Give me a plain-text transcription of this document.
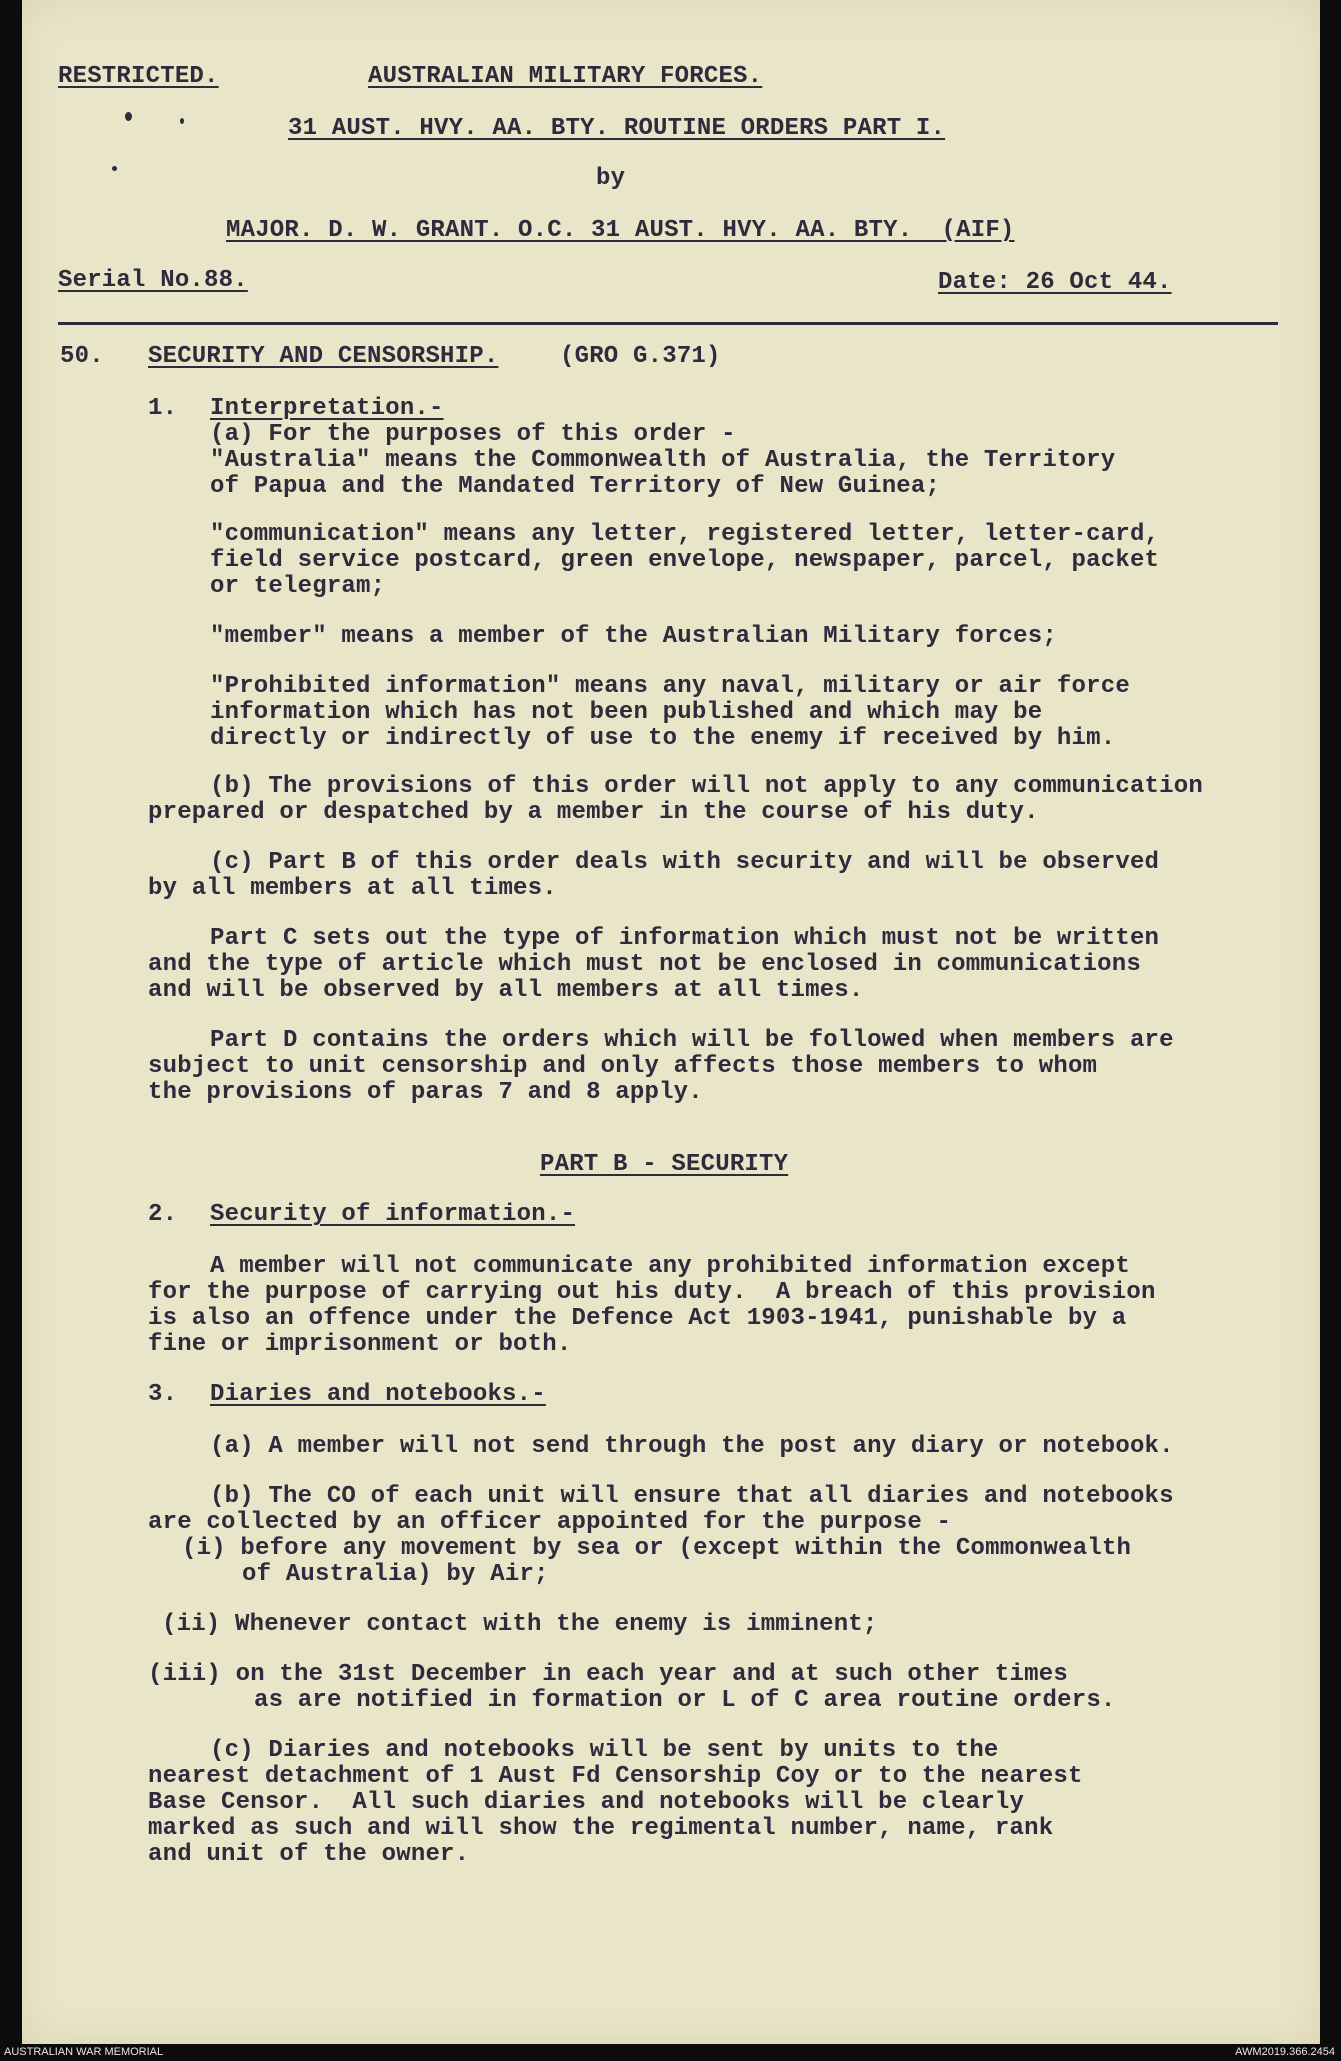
RESTRICTED.	AUSTRALIAN MILITARY FORCES.
31 AUST. HVY. AA. BTY. ROUTINE ORDERS PART I.
by
MAJOR. D. W. GRANT. O.C. 31 AUST. HVY. AA. BTY.  (AIF)
Serial No.88.	Date: 26 Oct 44.
50. SECURITY AND CENSORSHIP.	(GRO G.371)
1. Interpretation.-
(a) For the purposes of this order -
"Australia" means the Commonwealth of Australia, the Territory
of Papua and the Mandated Territory of New Guinea;
"communication" means any letter, registered letter, letter-card,
field service postcard, green envelope, newspaper, parcel, packet
or telegram;
"member" means a member of the Australian Military forces;
"Prohibited information" means any naval, military or air force
information which has not been published and which may be
directly or indirectly of use to the enemy if received by him.
(b) The provisions of this order will not apply to any communication
prepared or despatched by a member in the course of his duty.
(c) Part B of this order deals with security and will be observed
by all members at all times.
Part C sets out the type of information which must not be written
and the type of article which must not be enclosed in communications
and will be observed by all members at all times.
Part D contains the orders which will be followed when members are
subject to unit censorship and only affects those members to whom
the provisions of paras 7 and 8 apply.
PART B - SECURITY
2. Security of information.-
A member will not communicate any prohibited information except
for the purpose of carrying out his duty.  A breach of this provision
is also an offence under the Defence Act 1903-1941, punishable by a
fine or imprisonment or both.
3. Diaries and notebooks.-
(a) A member will not send through the post any diary or notebook.
(b) The CO of each unit will ensure that all diaries and notebooks
are collected by an officer appointed for the purpose -
(i) before any movement by sea or (except within the Commonwealth
of Australia) by Air;
(ii) Whenever contact with the enemy is imminent;
(iii) on the 31st December in each year and at such other times
as are notified in formation or L of C area routine orders.
(c) Diaries and notebooks will be sent by units to the
nearest detachment of 1 Aust Fd Censorship Coy or to the nearest
Base Censor.  All such diaries and notebooks will be clearly
marked as such and will show the regimental number, name, rank
and unit of the owner.
AUSTRALIAN WAR MEMORIAL	AWM2019.366.2454
